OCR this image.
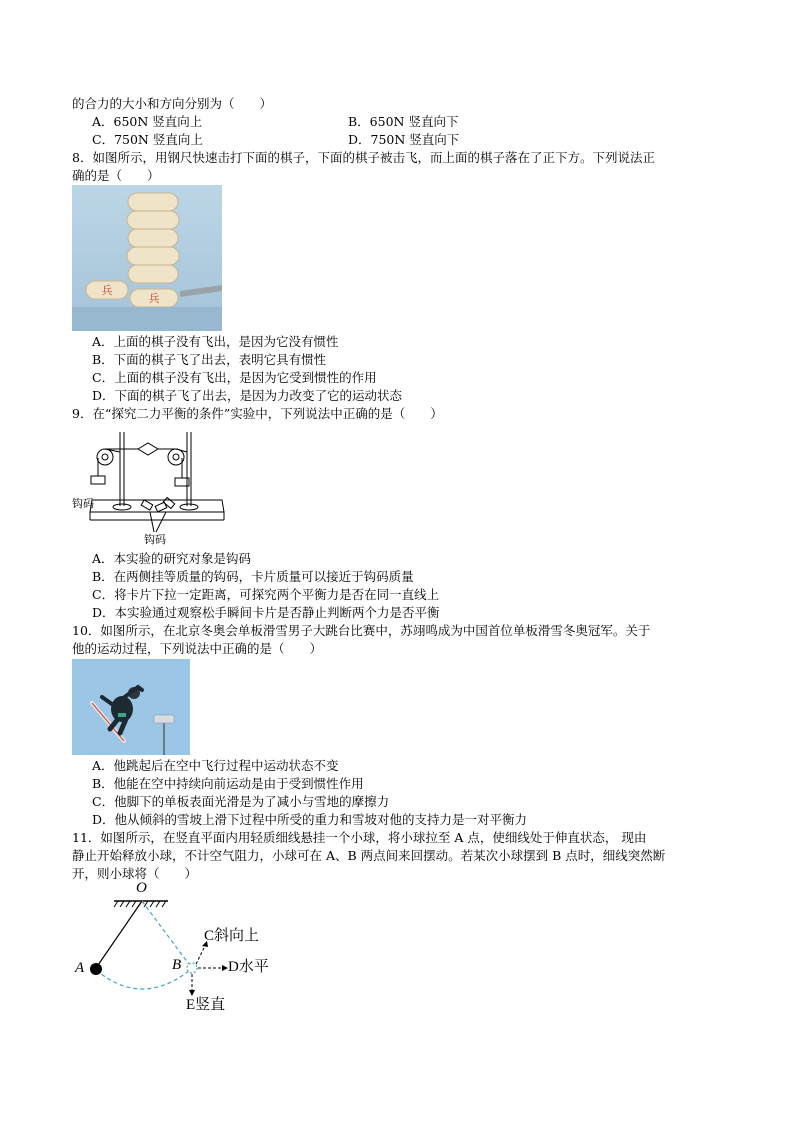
的合力的大小和方向分别为（　　）
A．650N 竖直向上	B．650N 竖直向下
C．750N 竖直向上	D．750N 竖直向下
8．如图所示，用钢尺快速击打下面的棋子，下面的棋子被击飞，而上面的棋子落在了正下方。下列说法正
确的是（　　）
兵
兵
A．上面的棋子没有飞出，是因为它没有惯性
B．下面的棋子飞了出去，表明它具有惯性
C．上面的棋子没有飞出，是因为它受到惯性的作用
D．下面的棋子飞了出去，是因为力改变了它的运动状态
9．在“探究二力平衡的条件”实验中，下列说法中正确的是（　　）
钩码
钩码
A．本实验的研究对象是钩码
B．在两侧挂等质量的钩码，卡片质量可以接近于钩码质量
C．将卡片下拉一定距离，可探究两个平衡力是否在同一直线上
D．本实验通过观察松手瞬间卡片是否静止判断两个力是否平衡
10．如图所示，在北京冬奥会单板滑雪男子大跳台比赛中，苏翊鸣成为中国首位单板滑雪冬奥冠军。关于
他的运动过程，下列说法中正确的是（　　）
A．他跳起后在空中飞行过程中运动状态不变
B．他能在空中持续向前运动是由于受到惯性作用
C．他脚下的单板表面光滑是为了减小与雪地的摩擦力
D．他从倾斜的雪坡上滑下过程中所受的重力和雪坡对他的支持力是一对平衡力
11．如图所示，在竖直平面内用轻质细线悬挂一个小球，将小球拉至 A 点，使细线处于伸直状态， 现由
静止开始释放小球，不计空气阻力，小球可在 A、B 两点间来回摆动。若某次小球摆到 B 点时，细线突然断
开，则小球将（　　）
O
A	B
C斜向上
D水平
E竖直
